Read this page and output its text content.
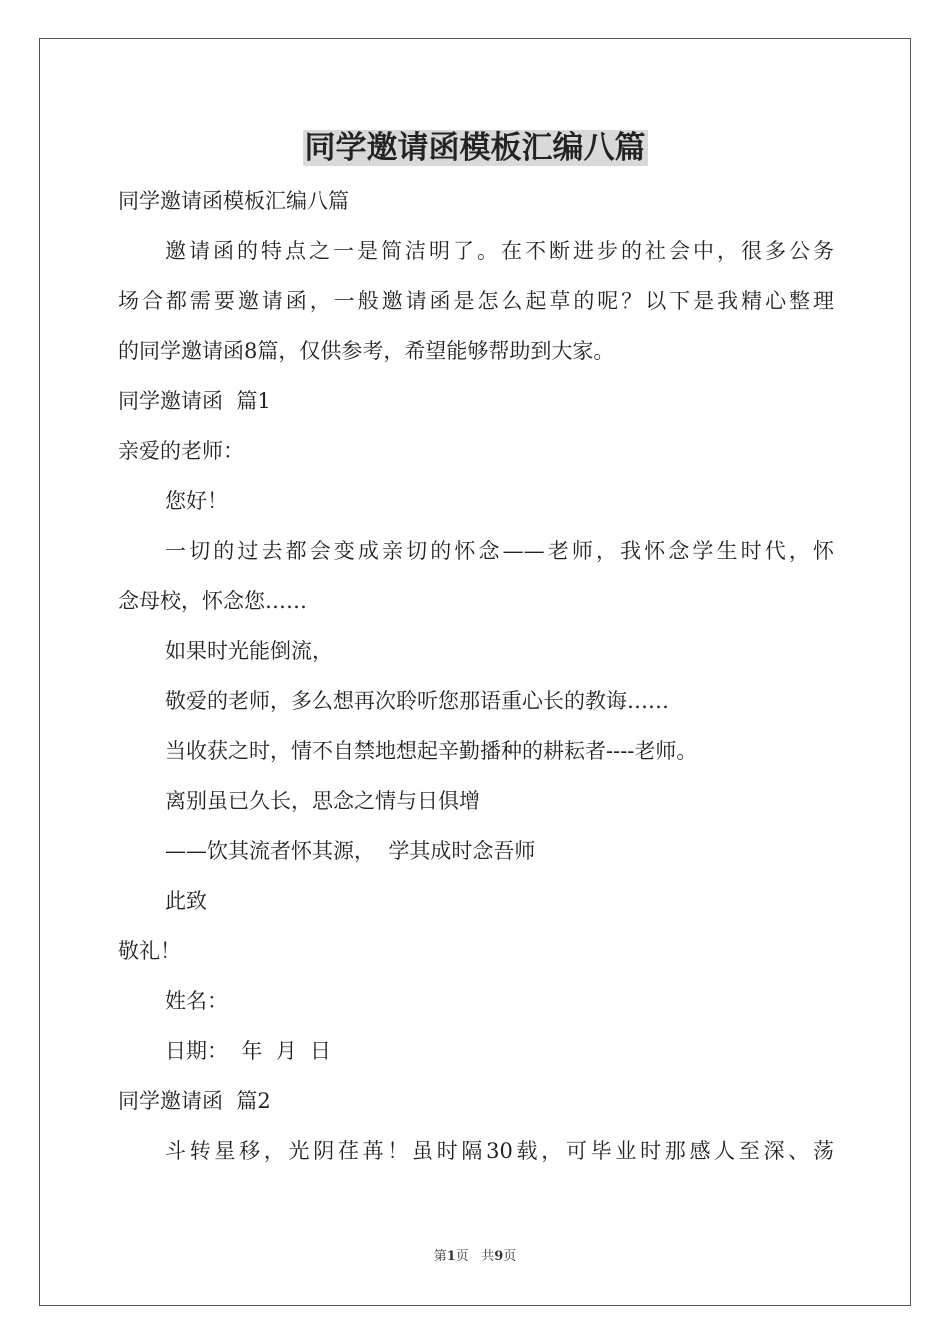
同学邀请函模板汇编八篇
同学邀请函模板汇编八篇
邀请函的特点之一是简洁明了。在不断进步的社会中，很多公务
场合都需要邀请函，一般邀请函是怎么起草的呢？以下是我精心整理
的同学邀请函8篇，仅供参考，希望能够帮助到大家。
同学邀请函  篇1
亲爱的老师：
您好！
一切的过去都会变成亲切的怀念——老师，我怀念学生时代，怀
念母校，怀念您……
如果时光能倒流，
敬爱的老师，多么想再次聆听您那语重心长的教诲……
当收获之时，情不自禁地想起辛勤播种的耕耘者----老师。
离别虽已久长，思念之情与日俱增
——饮其流者怀其源，  学其成时念吾师
此致
敬礼！
姓名：
日期：  年  月  日
同学邀请函  篇2
斗转星移，光阴荏苒！虽时隔30载，可毕业时那感人至深、荡
第1页   共9页
